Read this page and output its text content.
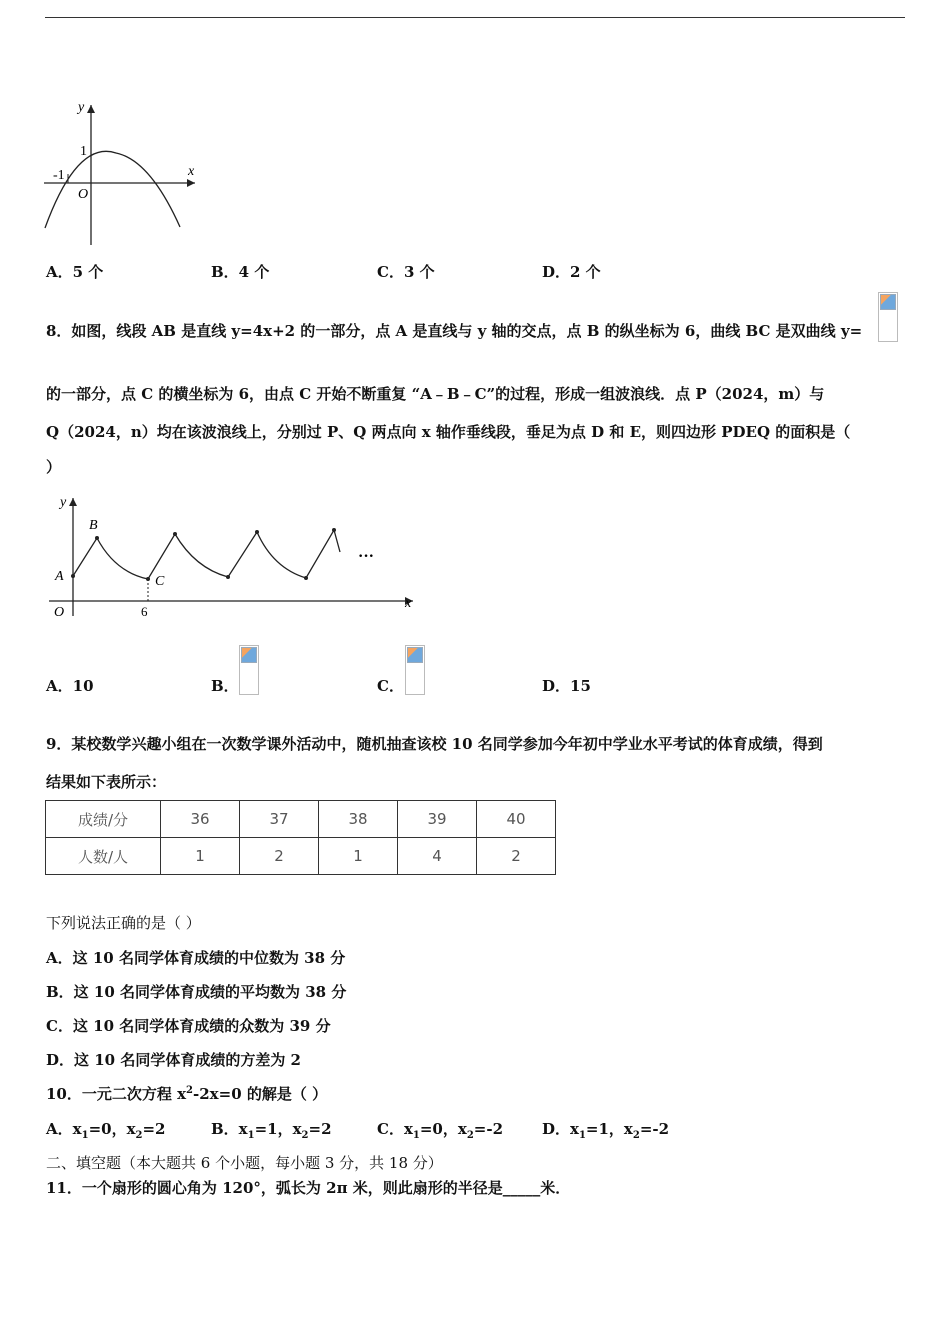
y
x
1
-1
O
A．5 个	B．4 个	C．3 个	D．2 个
8．如图，线段 AB 是直线 y=4x+2 的一部分，点 A 是直线与 y 轴的交点，点 B 的纵坐标为 6，曲线 BC 是双曲线 y=
的一部分，点 C 的横坐标为 6，由点 C 开始不断重复 “A﹣B﹣C”的过程，形成一组波浪线．点 P（2024，m）与
Q（2024，n）均在该波浪线上，分别过 P、Q 两点向 x 轴作垂线段，垂足为点 D 和 E，则四边形 PDEQ 的面积是（
）
y
x
A
B
C
O	6
···
A．10	B．	C．	D．15
9．某校数学兴趣小组在一次数学课外活动中，随机抽查该校 10 名同学参加今年初中学业水平考试的体育成绩，得到
结果如下表所示：
成绩/分	36	37	38	39	40
人数/人	1	2	1	4	2
下列说法正确的是（ ）
A．这 10 名同学体育成绩的中位数为 38 分
B．这 10 名同学体育成绩的平均数为 38 分
C．这 10 名同学体育成绩的众数为 39 分
D．这 10 名同学体育成绩的方差为 2
10．一元二次方程 $x^2-2x=0$ 的解是（ ）
A．$x_1=0$，$x_2=2$	B．$x_1=1$，$x_2=2$	C．$x_1=0$，$x_2=-2$	D．$x_1=1$，$x_2=-2$
二、填空题（本大题共 6 个小题，每小题 3 分，共 18 分）
11．一个扇形的圆心角为 120°，弧长为 2π 米，则此扇形的半径是_____米．
